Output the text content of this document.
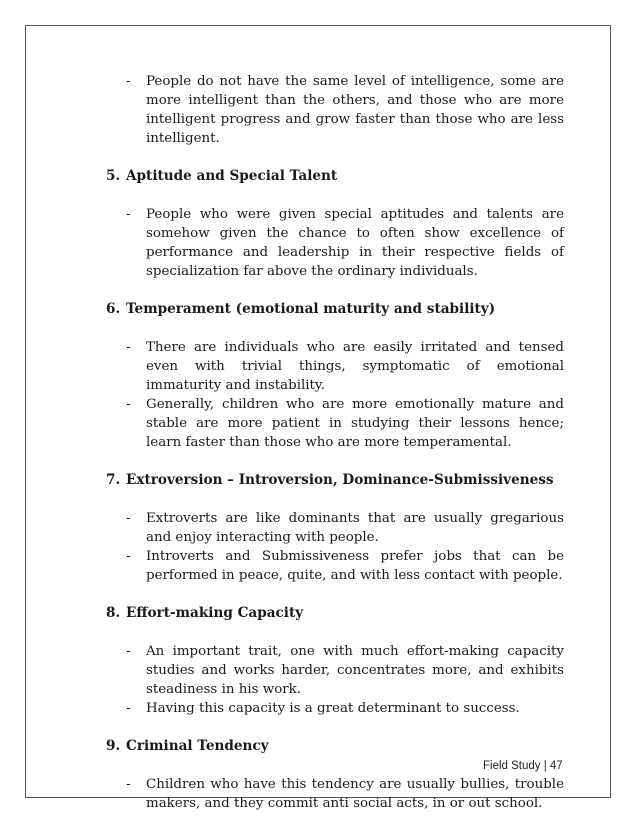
- People do not have the same level of intelligence, some are more intelligent than the others, and those who are more intelligent progress and grow faster than those who are less intelligent.
5. Aptitude and Special Talent
- People who were given special aptitudes and talents are somehow given the chance to often show excellence of performance and leadership in their respective fields of specialization far above the ordinary individuals.
6. Temperament (emotional maturity and stability)
- There are individuals who are easily irritated and tensed even with trivial things, symptomatic of emotional immaturity and instability.
- Generally, children who are more emotionally mature and stable are more patient in studying their lessons hence; learn faster than those who are more temperamental.
7. Extroversion – Introversion, Dominance-Submissiveness
- Extroverts are like dominants that are usually gregarious and enjoy interacting with people.
- Introverts and Submissiveness prefer jobs that can be performed in peace, quite, and with less contact with people.
8. Effort-making Capacity
- An important trait, one with much effort-making capacity studies and works harder, concentrates more, and exhibits steadiness in his work.
- Having this capacity is a great determinant to success.
9. Criminal Tendency
- Children who have this tendency are usually bullies, trouble makers, and they commit anti social acts, in or out school.
Field Study | 47
